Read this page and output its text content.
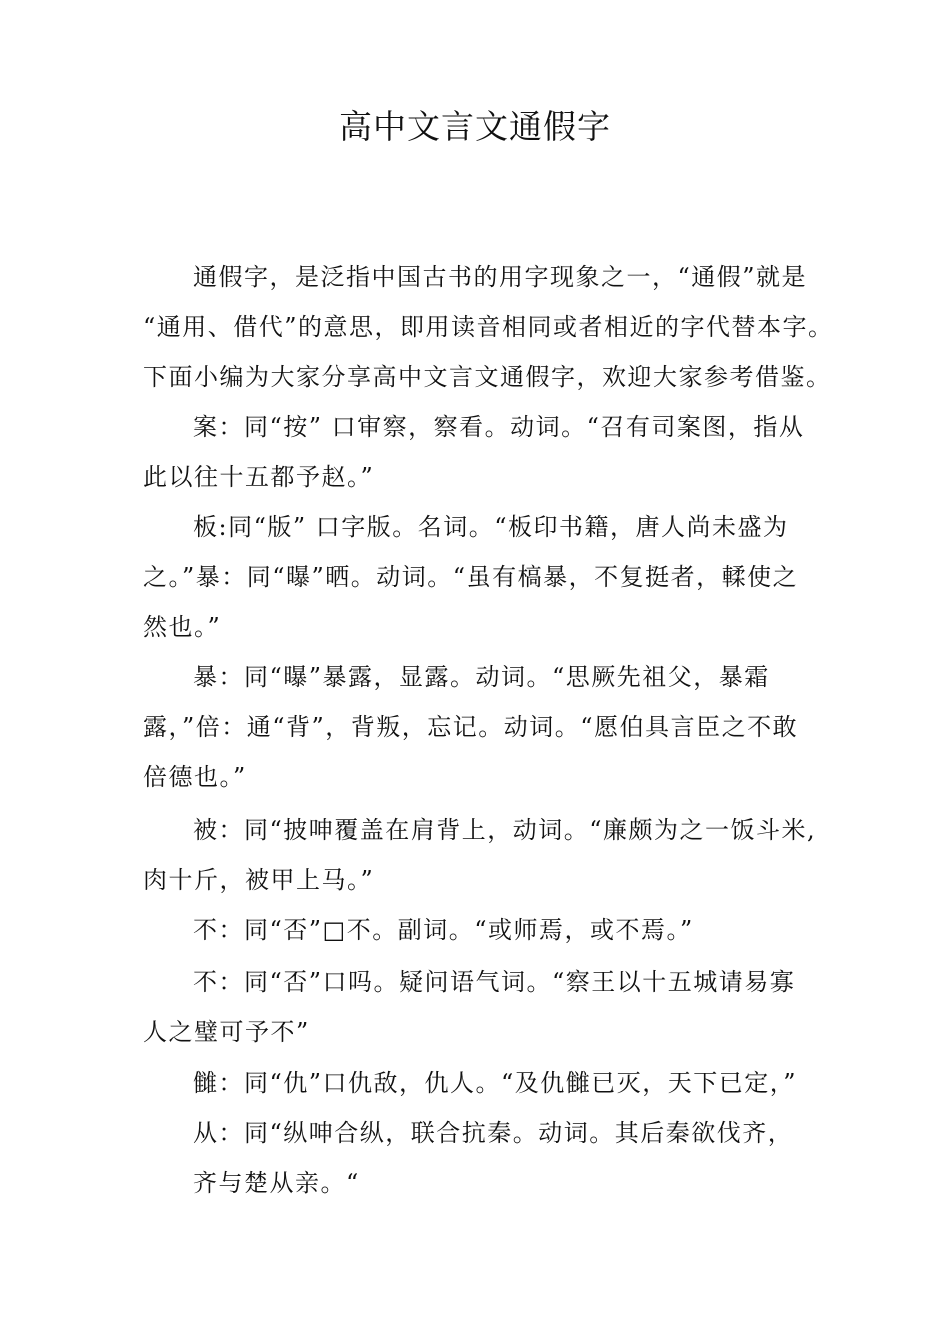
高中文言文通假字

通假字，是泛指中国古书的用字现象之一，“通假”就是

“通用、借代”的意思，即用读音相同或者相近的字代替本字。

下面小编为大家分享高中文言文通假字，欢迎大家参考借鉴。

案：同“按” 口审察，察看。动词。“召有司案图，指从

此以往十五都予赵。”

板:同“版” 口字版。名词。“板印书籍，唐人尚未盛为

之。”暴：同“曝”晒。动词。“虽有槁暴，不复挺者，輮使之

然也。”

暴：同“曝”暴露，显露。动词。“思厥先祖父，暴霜

露，”倍：通“背”，背叛，忘记。动词。“愿伯具言臣之不敢

倍德也。”

被：同“披呻覆盖在肩背上，动词。“廉颇为之一饭斗米,

肉十斤，被甲上马。”

不：同“否”□不。副词。“或师焉，或不焉。”

不：同“否”口吗。疑问语气词。“察王以十五城请易寡

人之璧可予不”

雠：同“仇”口仇敌，仇人。“及仇雠已灭，天下已定，”

从：同“纵呻合纵，联合抗秦。动词。其后秦欲伐齐，

齐与楚从亲。“
